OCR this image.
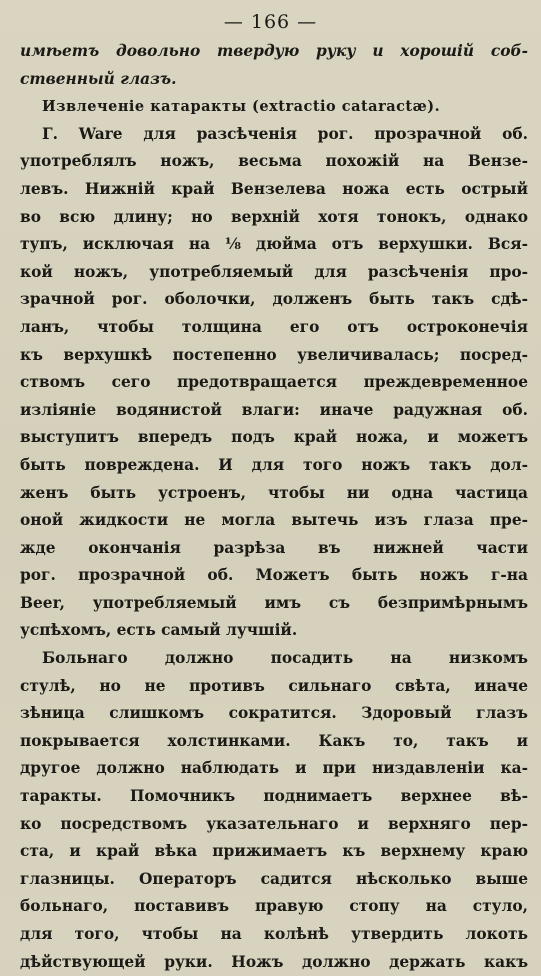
— 166 —
имѣетъ довольно твердую руку и хорошій соб-
ственный глазъ.
Извлеченіе катаракты (extractio cataractæ).
Г. Ware для разсѣченія рог. прозрачной об.
употреблялъ ножъ, весьма похожій на Вензе-
левъ. Нижній край Вензелева ножа есть острый
во всю длину; но верхній хотя тонокъ, однако
тупъ, исключая на ⅛ дюйма отъ верхушки. Вся-
кой ножъ, употребляемый для разсѣченія про-
зрачной рог. оболочки, долженъ быть такъ сдѣ-
ланъ, чтобы толщина его отъ остроконечія
къ верхушкѣ постепенно увеличивалась; посред-
ствомъ сего предотвращается преждевременное
изліяніе водянистой влаги: иначе радужная об.
выступитъ впередъ подъ край ножа, и можетъ
быть повреждена. И для того ножъ такъ дол-
женъ быть устроенъ, чтобы ни одна частица
оной жидкости не могла вытечь изъ глаза пре-
жде окончанія разрѣза въ нижней части
рог. прозрачной об. Можетъ быть ножъ г-на
Beer, употребляемый имъ съ безпримѣрнымъ
успѣхомъ, есть самый лучшій.
Больнаго должно посадить на низкомъ
стулѣ, но не противъ сильнаго свѣта, иначе
зѣница слишкомъ сократится. Здоровый глазъ
покрывается холстинками. Какъ то, такъ и
другое должно наблюдать и при низдавленіи ка-
таракты. Помочникъ поднимаетъ верхнее вѣ-
ко посредствомъ указательнаго и верхняго пер-
ста, и край вѣка прижимаетъ къ верхнему краю
глазницы. Операторъ садится нѣсколько выше
больнаго, поставивъ правую стопу на стуло,
для того, чтобы на колѣнѣ утвердить локоть
дѣйствующей руки. Ножъ должно держать какъ
